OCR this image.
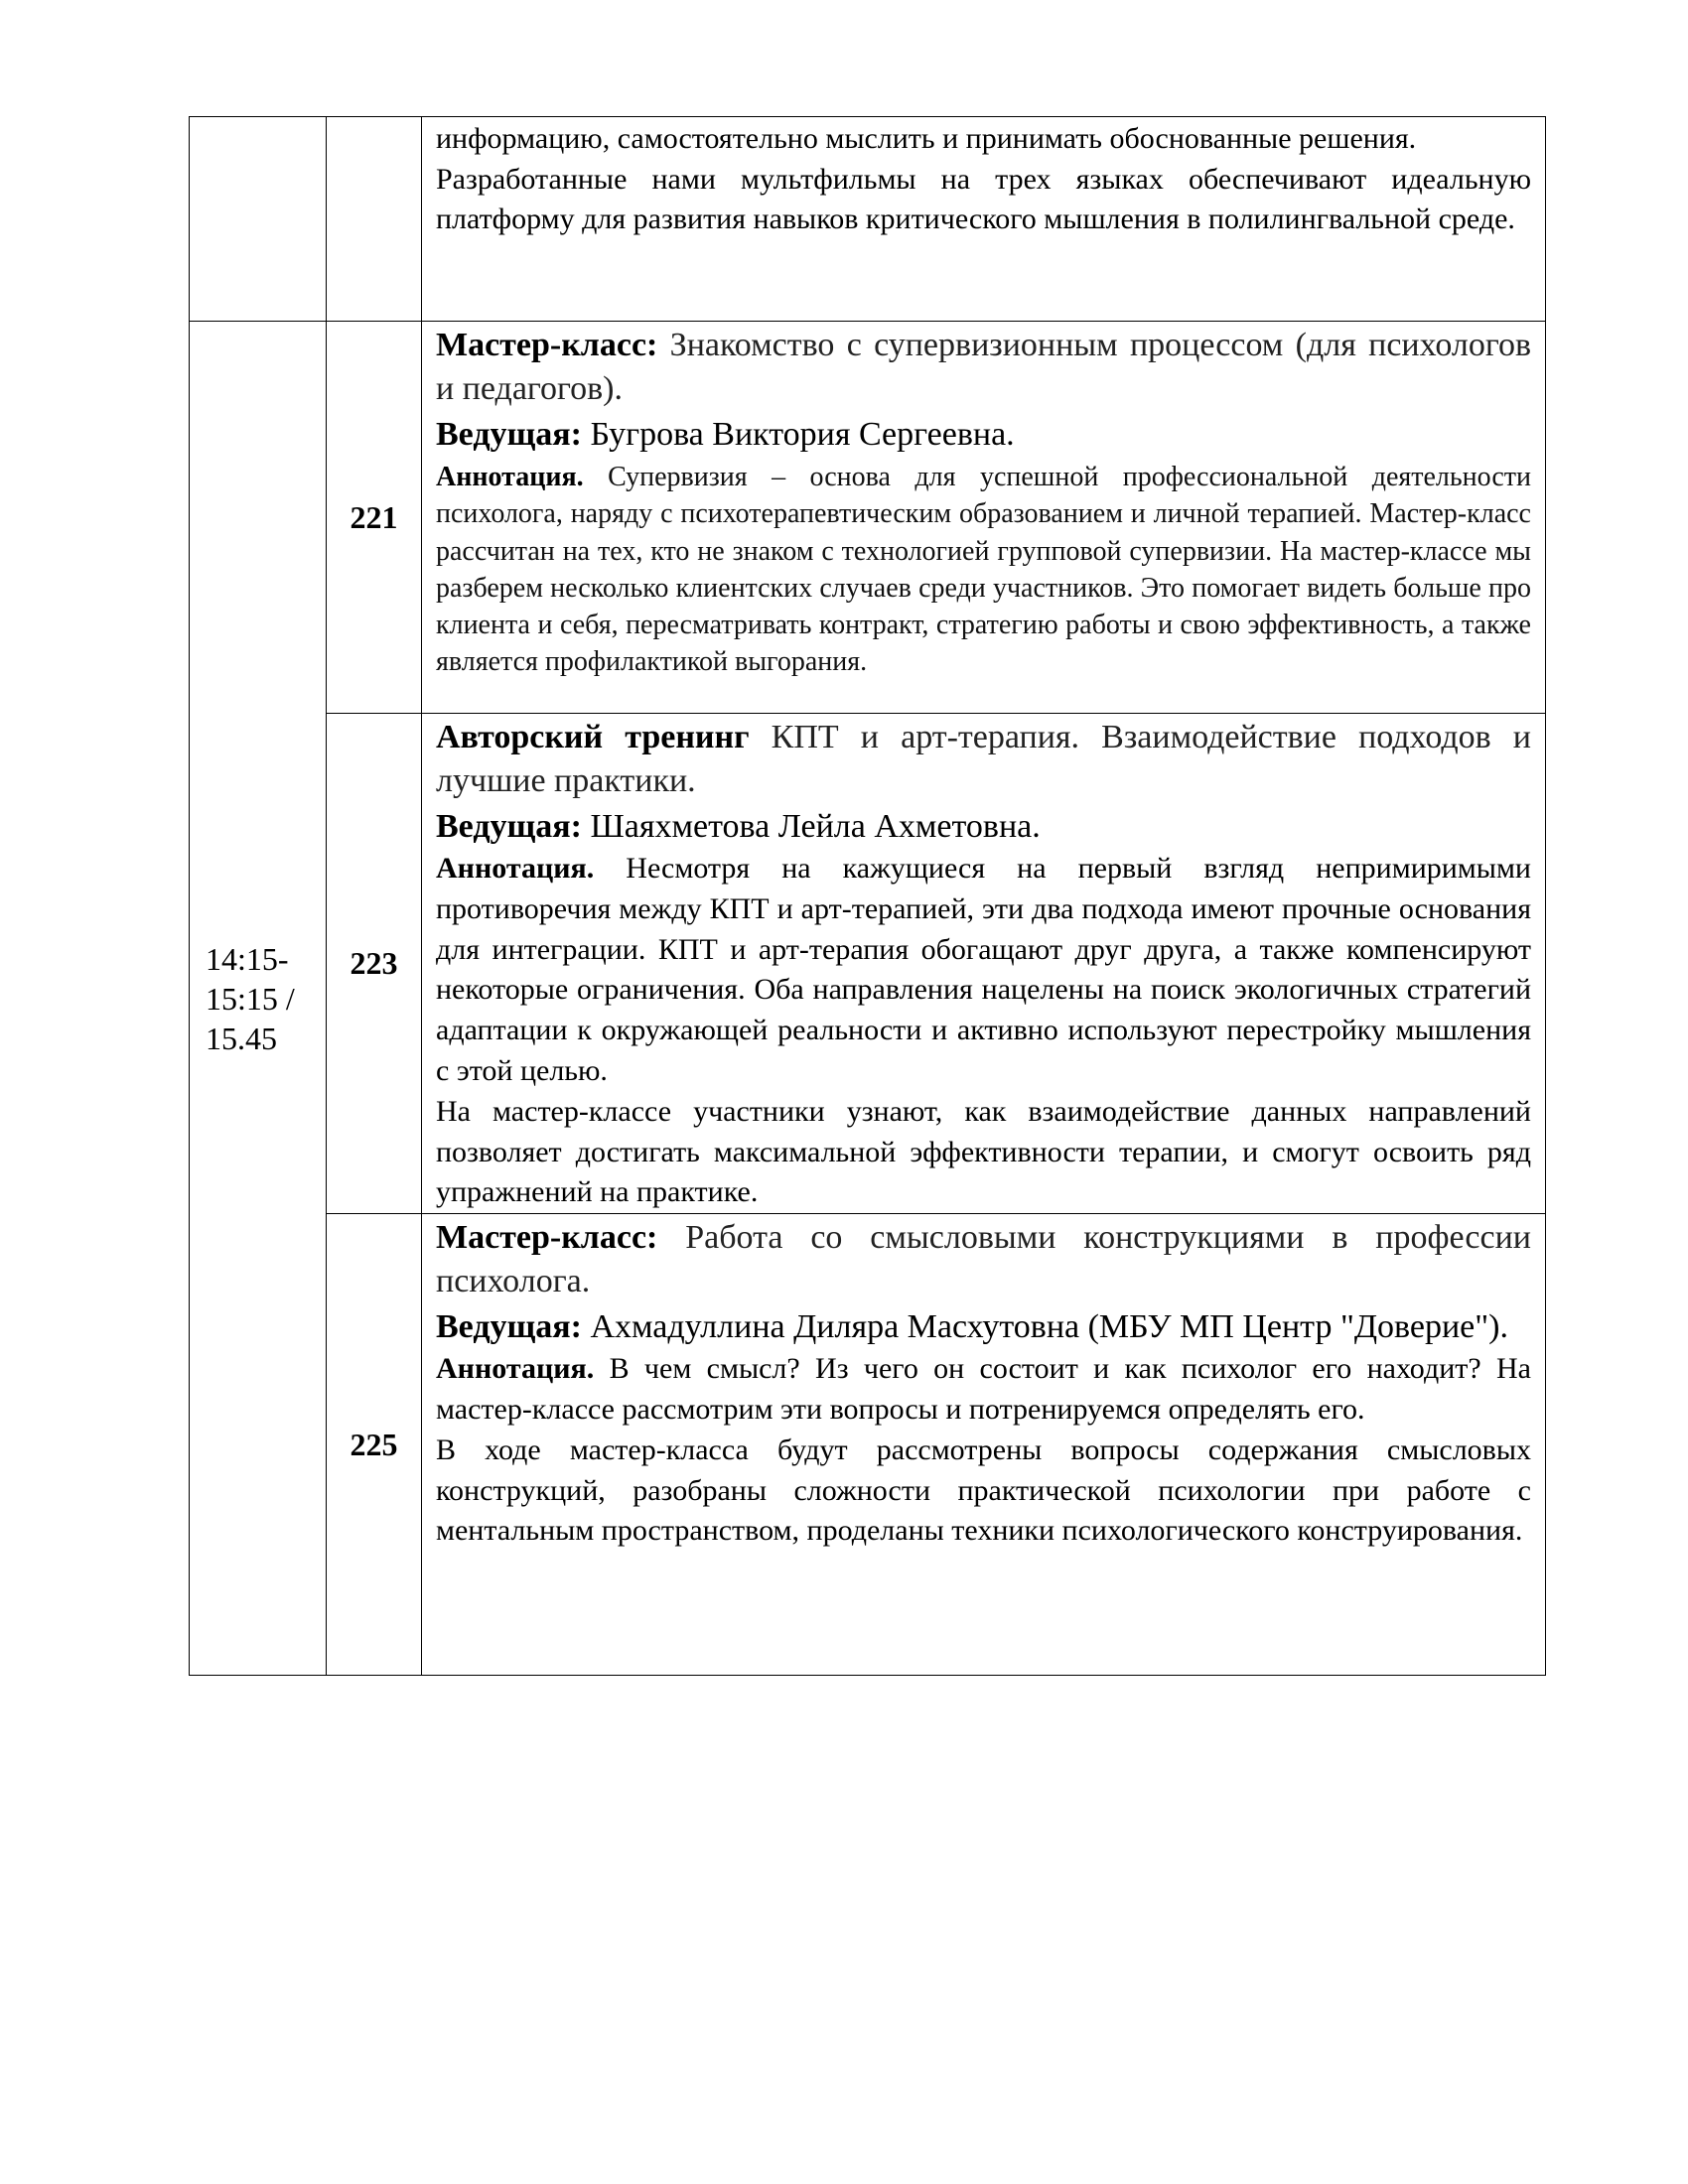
		информацию, самостоятельно мыслить и принимать обоснованные решения.

Разработанные нами мультфильмы на трех языках обеспечивают идеальную платформу для развития навыков критического мышления в полилингвальной среде.

14:15- 15:15 / 15.45	221	Мастер-класс: Знакомство с супервизионным процессом (для психологов и педагогов).

Ведущая: Бугрова Виктория Сергеевна.

Аннотация. Супервизия – основа для успешной профессиональной деятельности психолога, наряду с психотерапевтическим образованием и личной терапией. Мастер-класс рассчитан на тех, кто не знаком с технологией групповой супервизии. На мастер-классе мы разберем несколько клиентских случаев среди участников. Это помогает видеть больше про клиента и себя, пересматривать контракт, стратегию работы и свою эффективность, а также является профилактикой выгорания.

	223	Авторский тренинг КПТ и арт-терапия. Взаимодействие подходов и лучшие практики.

Ведущая: Шаяхметова Лейла Ахметовна.

Аннотация. Несмотря на кажущиеся на первый взгляд непримиримыми противоречия между КПТ и арт-терапией, эти два подхода имеют прочные основания для интеграции. КПТ и арт-терапия обогащают друг друга, а также компенсируют некоторые ограничения. Оба направления нацелены на поиск экологичных стратегий адаптации к окружающей реальности и активно используют перестройку мышления с этой целью.

На мастер-классе участники узнают, как взаимодействие данных направлений позволяет достигать максимальной эффективности терапии, и смогут освоить ряд упражнений на практике.

	225	Мастер-класс: Работа со смысловыми конструкциями в профессии психолога.

Ведущая: Ахмадуллина Диляра Масхутовна (МБУ МП Центр "Доверие").

Аннотация. В чем смысл? Из чего он состоит и как психолог его находит? На мастер-классе рассмотрим эти вопросы и потренируемся определять его.

В ходе мастер-класса будут рассмотрены вопросы содержания смысловых конструкций, разобраны сложности практической психологии при работе с ментальным пространством, проделаны техники психологического конструирования.
